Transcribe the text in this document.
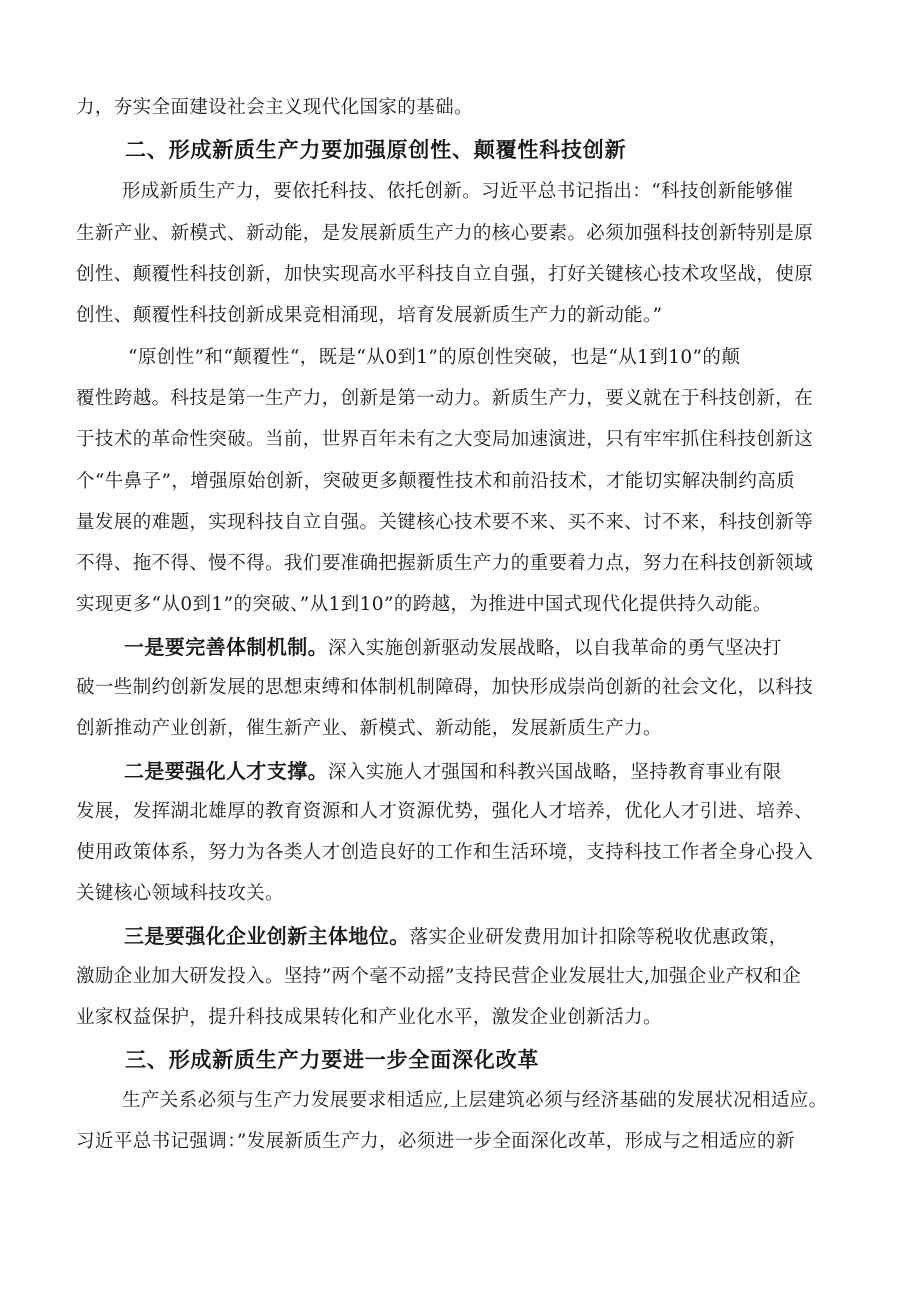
力，夯实全面建设社会主义现代化国家的基础。
二、形成新质生产力要加强原创性、颠覆性科技创新
形成新质生产力，要依托科技、依托创新。习近平总书记指出：“科技创新能够催
生新产业、新模式、新动能，是发展新质生产力的核心要素。必须加强科技创新特别是原
创性、颠覆性科技创新，加快实现高水平科技自立自强，打好关键核心技术攻坚战，使原
创性、颠覆性科技创新成果竞相涌现，培育发展新质生产力的新动能。”
“原创性”和“颠覆性“，既是“从0到1”的原创性突破，也是“从1到10”的颠
覆性跨越。科技是第一生产力，创新是第一动力。新质生产力，要义就在于科技创新，在
于技术的革命性突破。当前，世界百年未有之大变局加速演进，只有牢牢抓住科技创新这
个“牛鼻子”，增强原始创新，突破更多颠覆性技术和前沿技术，才能切实解决制约高质
量发展的难题，实现科技自立自强。关键核心技术要不来、买不来、讨不来，科技创新等
不得、拖不得、慢不得。我们要准确把握新质生产力的重要着力点，努力在科技创新领域
实现更多“从0到1”的突破、”从1到10”的跨越，为推进中国式现代化提供持久动能。
一是要完善体制机制。深入实施创新驱动发展战略，以自我革命的勇气坚决打
破一些制约创新发展的思想束缚和体制机制障碍，加快形成崇尚创新的社会文化，以科技
创新推动产业创新，催生新产业、新模式、新动能，发展新质生产力。
二是要强化人才支撑。深入实施人才强国和科教兴国战略，坚持教育事业有限
发展，发挥湖北雄厚的教育资源和人才资源优势，强化人才培养，优化人才引进、培养、
使用政策体系，努力为各类人才创造良好的工作和生活环境，支持科技工作者全身心投入
关键核心领域科技攻关。
三是要强化企业创新主体地位。落实企业研发费用加计扣除等税收优惠政策，
激励企业加大研发投入。坚持”两个毫不动摇”支持民营企业发展壮大,加强企业产权和企
业家权益保护，提升科技成果转化和产业化水平，激发企业创新活力。
三、形成新质生产力要进一步全面深化改革
生产关系必须与生产力发展要求相适应,上层建筑必须与经济基础的发展状况相适应。
习近平总书记强调：”发展新质生产力，必须进一步全面深化改革，形成与之相适应的新
